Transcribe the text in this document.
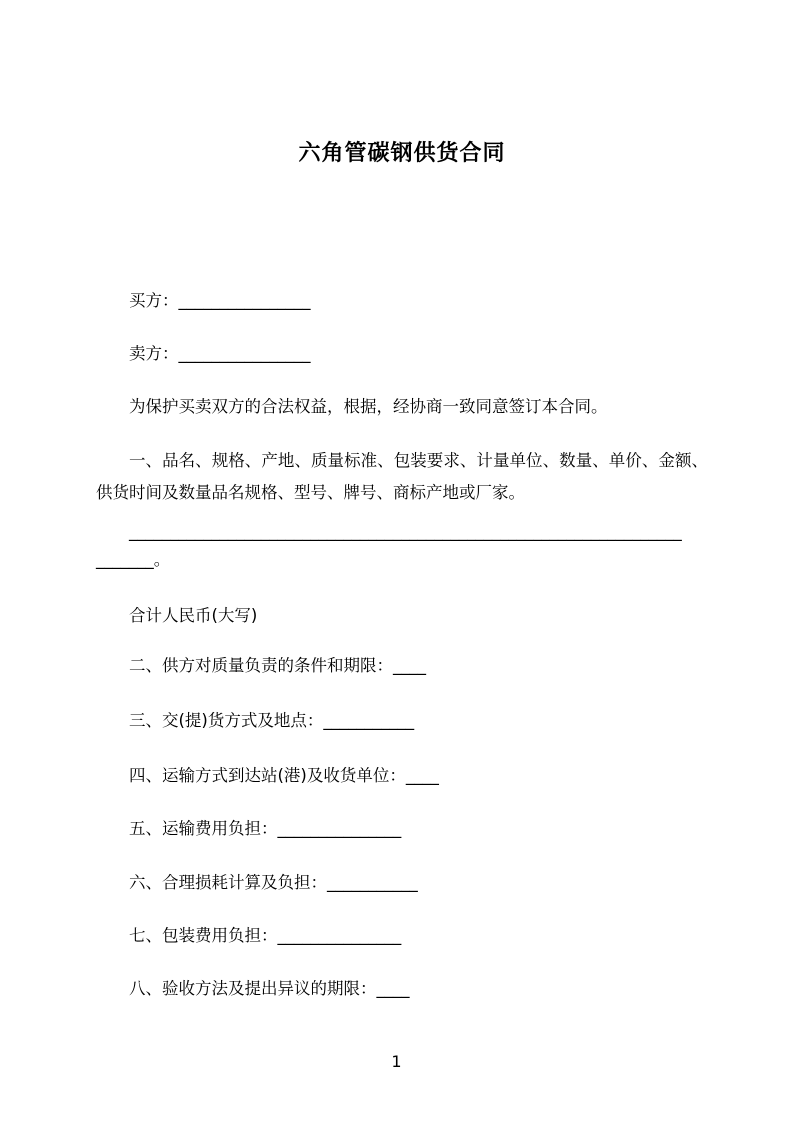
六角管碳钢供货合同
买方：________________
卖方：________________
为保护买卖双方的合法权益，根据，经协商一致同意签订本合同。
一、品名、规格、产地、质量标准、包装要求、计量单位、数量、单价、金额、供货时间及数量品名规格、型号、牌号、商标产地或厂家。
___________________________________________________________________
_______。
合计人民币(大写)
二、供方对质量负责的条件和期限：____
三、交(提)货方式及地点：___________
四、运输方式到达站(港)及收货单位：____
五、运输费用负担：_______________
六、合理损耗计算及负担：___________
七、包装费用负担：_______________
八、验收方法及提出异议的期限：____
1
